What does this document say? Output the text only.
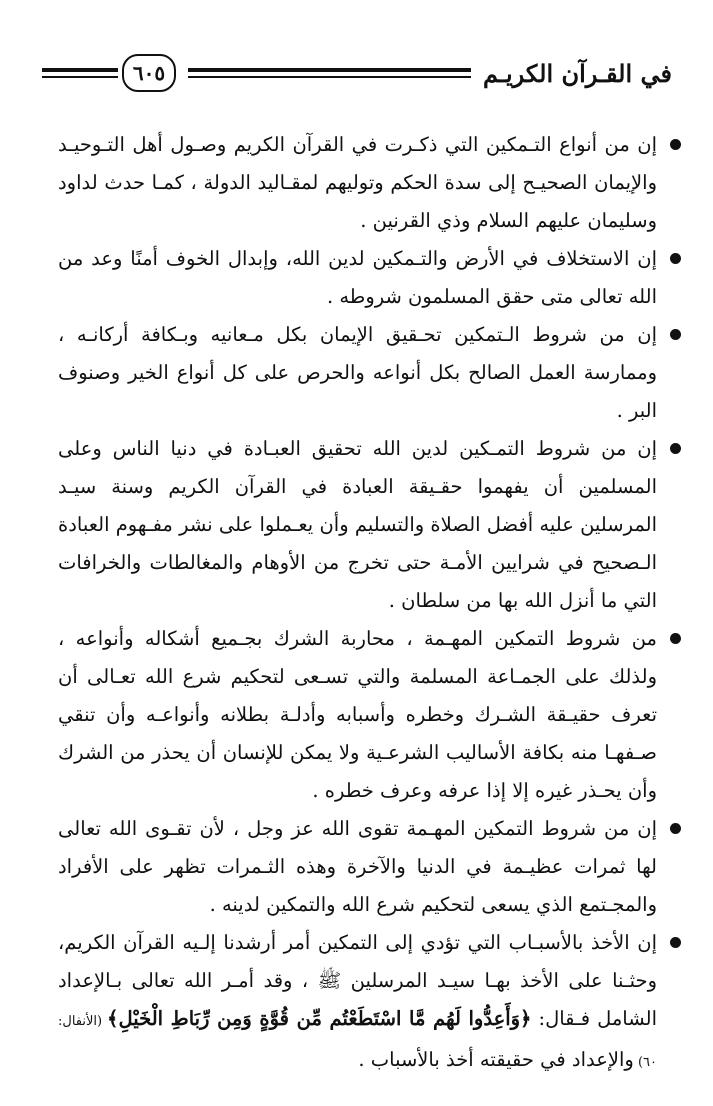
٦٠٥	في القـرآن الكريـم

إن من أنواع التـمكين التي ذكـرت في القرآن الكريم وصـول أهل التـوحيـد والإيمان الصحيـح إلى سدة الحكم وتوليهم لمقـاليد الدولة ، كمـا حدث لداود وسليمان عليهم السلام وذي القرنين .

إن الاستخلاف في الأرض والتـمكين لدين الله، وإبدال الخوف أمنًا وعد من الله تعالى متى حقق المسلمون شروطه .

إن من شروط الـتمكين تحـقيق الإيمان بكل مـعانيه وبـكافة أركانـه ، وممارسة العمل الصالح بكل أنواعه والحرص على كل أنواع الخير وصنوف البر .

إن من شروط التمـكين لدين الله تحقيق العبـادة في دنيا الناس وعلى المسلمين أن يفهموا حقـيقة العبادة في القرآن الكريم وسنة سيـد المرسلين عليه أفضل الصلاة والتسليم وأن يعـملوا على نشر مفـهوم العبادة الـصحيح في شرايين الأمـة حتى تخرج من الأوهام والمغالطات والخرافات التي ما أنزل الله بها من سلطان .

من شروط التمكين المهـمة ، محاربة الشرك بجـميع أشكاله وأنواعه ، ولذلك على الجمـاعة المسلمة والتي تسـعى لتحكيم شرع الله تعـالى أن تعرف حقيـقة الشـرك وخطره وأسبابه وأدلـة بطلانه وأنواعـه وأن تنقي صـفهـا منه بكافة الأساليب الشرعـية ولا يمكن للإنسان أن يحذر من الشرك وأن يحـذر غيره إلا إذا عرفه وعرف خطره .

إن من شروط التمكين المهـمة تقوى الله عز وجل ، لأن تقـوى الله تعالى لها ثمرات عظيـمة في الدنيا والآخرة وهذه الثـمرات تظهر على الأفراد والمجـتمع الذي يسعى لتحكيم شرع الله والتمكين لدينه .

إن الأخذ بالأسبـاب التي تؤدي إلى التمكين أمر أرشدنا إلـيه القرآن الكريم، وحثـنا على الأخذ بهـا سيـد المرسلين ﷺ ، وقد أمـر الله تعالى بـالإعداد الشامل فـقال: ﴿وَأَعِدُّوا لَهُم مَّا اسْتَطَعْتُم مِّن قُوَّةٍ وَمِن رِّبَاطِ الْخَيْلِ﴾ (الأنفال: ٦٠) والإعداد في حقيقته أخذ بالأسباب .
